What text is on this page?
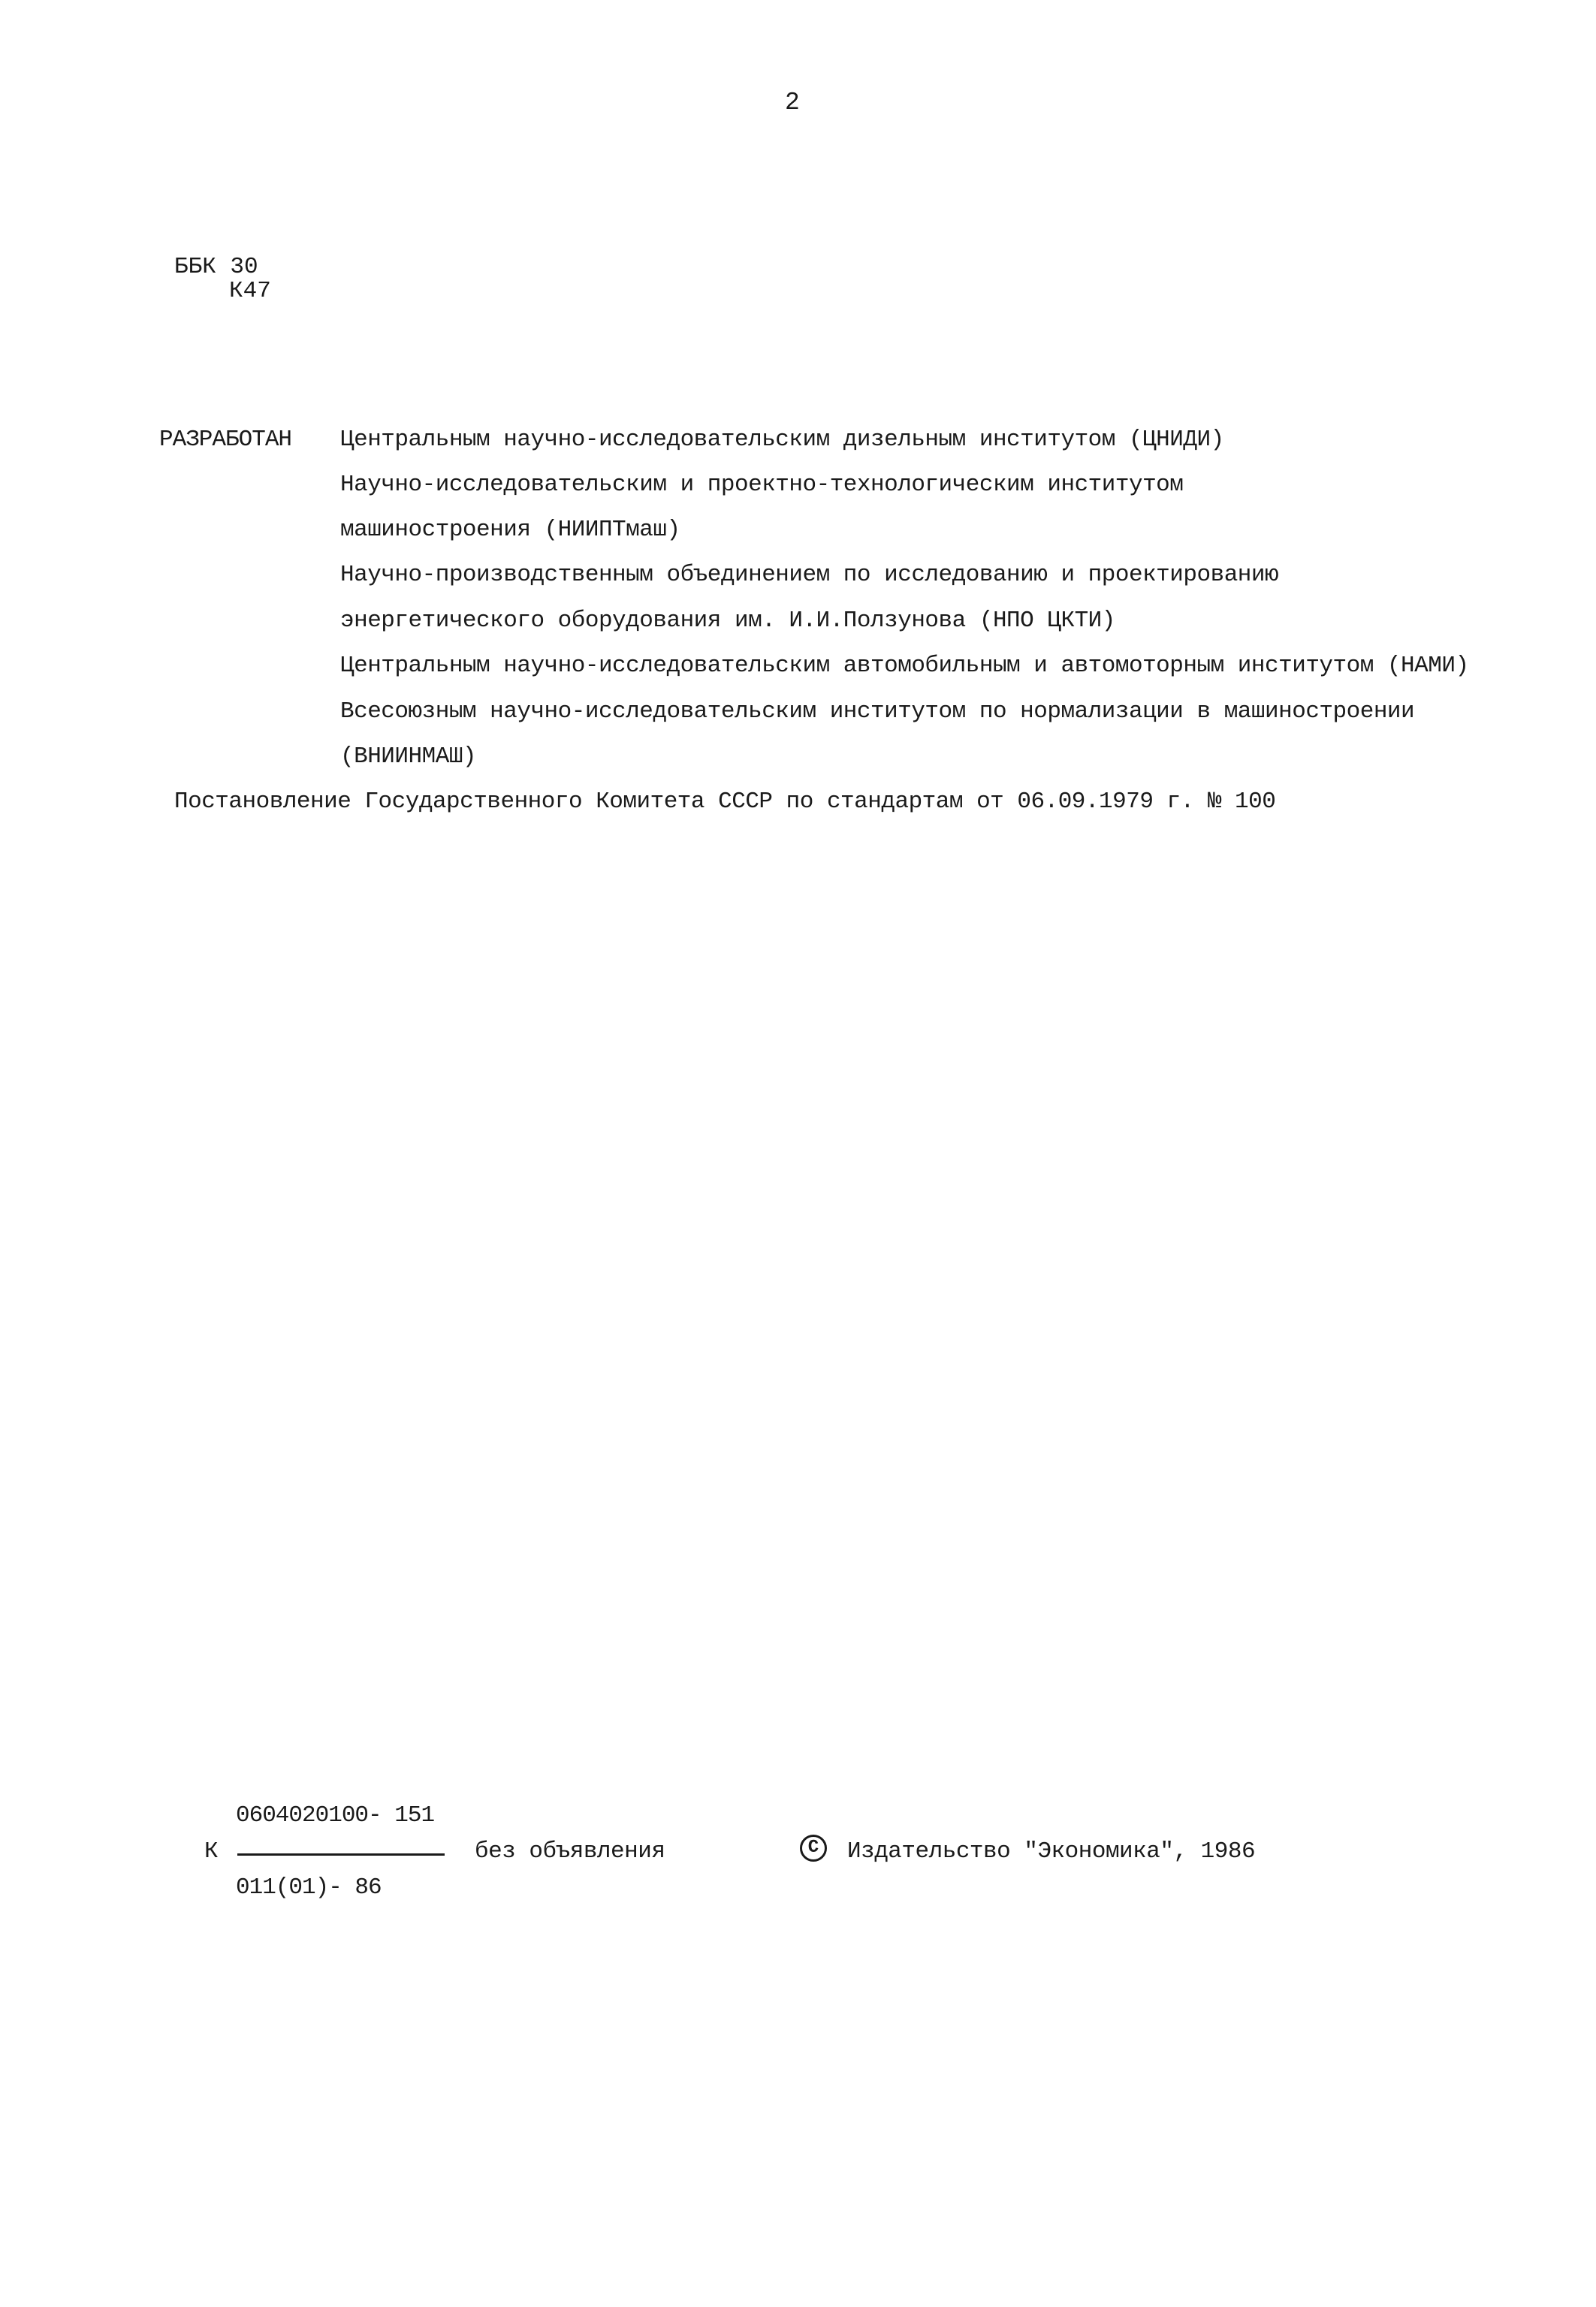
2

ББК 30

К47

РАЗРАБОТАН

Центральным научно-исследовательским дизельным институтом (ЦНИДИ)

Научно-исследовательским и проектно-технологическим институтом

машиностроения (НИИПТмаш)

Научно-производственным объединением по исследованию и проектированию

энергетического оборудования им. И.И.Ползунова (НПО ЦКТИ)

Центральным научно-исследовательским автомобильным и автомоторным институтом (НАМИ)

Всесоюзным научно-исследовательским институтом по нормализации в машиностроении

(ВНИИНМАШ)

Постановление Государственного Комитета СССР по стандартам от 06.09.1979 г. № 100

0604020100- 151

К

011(01)- 86

без объявления

	C

	Издательство "Экономика", 1986
